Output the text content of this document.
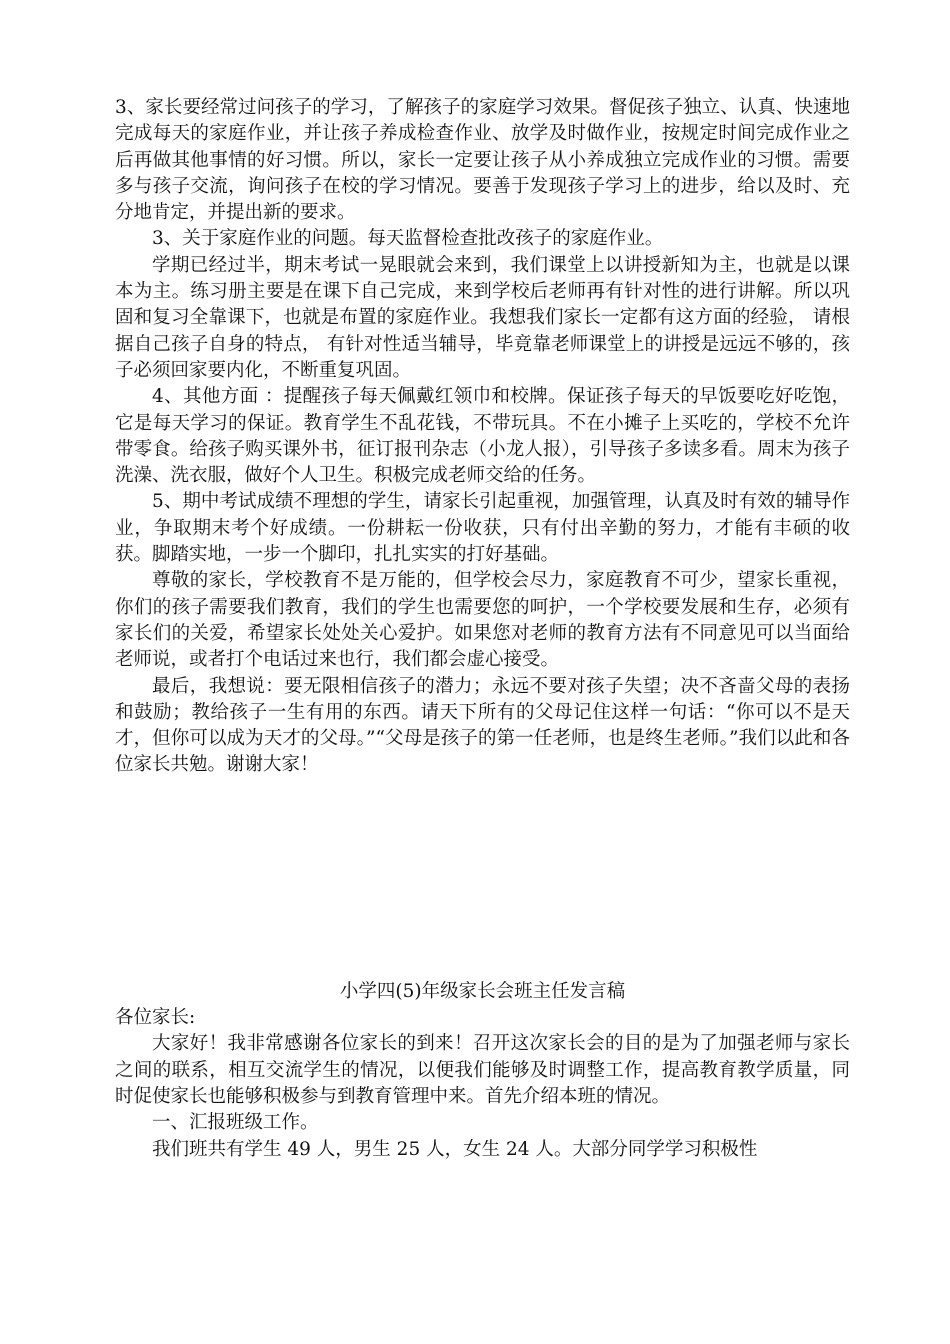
3、家长要经常过问孩子的学习，了解孩子的家庭学习效果。督促孩子独立、认真、快速地完成每天的家庭作业，并让孩子养成检查作业、放学及时做作业，按规定时间完成作业之后再做其他事情的好习惯。所以，家长一定要让孩子从小养成独立完成作业的习惯。需要多与孩子交流，询问孩子在校的学习情况。要善于发现孩子学习上的进步，给以及时、充分地肯定，并提出新的要求。

3、关于家庭作业的问题。每天监督检查批改孩子的家庭作业。

学期已经过半，期末考试一晃眼就会来到，我们课堂上以讲授新知为主，也就是以课本为主。练习册主要是在课下自己完成，来到学校后老师再有针对性的进行讲解。所以巩固和复习全靠课下，也就是布置的家庭作业。我想我们家长一定都有这方面的经验， 请根据自己孩子自身的特点， 有针对性适当辅导，毕竟靠老师课堂上的讲授是远远不够的，孩子必须回家要内化，不断重复巩固。

4、其他方面 ：提醒孩子每天佩戴红领巾和校牌。保证孩子每天的早饭要吃好吃饱，它是每天学习的保证。教育学生不乱花钱，不带玩具。不在小摊子上买吃的，学校不允许带零食。给孩子购买课外书，征订报刊杂志（小龙人报），引导孩子多读多看。周末为孩子洗澡、洗衣服，做好个人卫生。积极完成老师交给的任务。

5、期中考试成绩不理想的学生，请家长引起重视，加强管理，认真及时有效的辅导作业，争取期末考个好成绩。一份耕耘一份收获，只有付出辛勤的努力，才能有丰硕的收获。脚踏实地，一步一个脚印，扎扎实实的打好基础。

尊敬的家长，学校教育不是万能的，但学校会尽力，家庭教育不可少，望家长重视，你们的孩子需要我们教育，我们的学生也需要您的呵护，一个学校要发展和生存，必须有家长们的关爱，希望家长处处关心爱护。如果您对老师的教育方法有不同意见可以当面给老师说，或者打个电话过来也行，我们都会虚心接受。

最后，我想说：要无限相信孩子的潜力；永远不要对孩子失望；决不吝啬父母的表扬和鼓励；教给孩子一生有用的东西。请天下所有的父母记住这样一句话：“你可以不是天才，但你可以成为天才的父母。”“父母是孩子的第一任老师，也是终生老师。”我们以此和各位家长共勉。谢谢大家！

小学四(5)年级家长会班主任发言稿

各位家长:

大家好！我非常感谢各位家长的到来！召开这次家长会的目的是为了加强老师与家长之间的联系，相互交流学生的情况，以便我们能够及时调整工作，提高教育教学质量，同时促使家长也能够积极参与到教育管理中来。首先介绍本班的情况。

一、汇报班级工作。

我们班共有学生 49 人，男生 25 人，女生 24 人。大部分同学学习积极性
